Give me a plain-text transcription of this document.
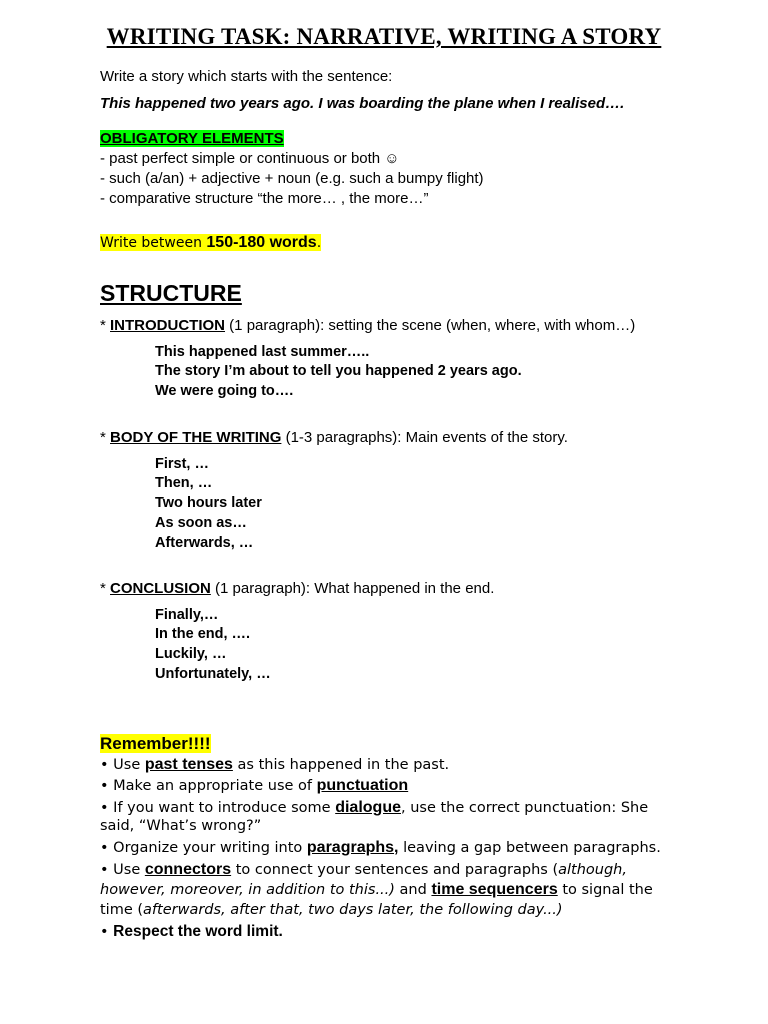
WRITING TASK: NARRATIVE, WRITING A STORY
Write a story which starts with the sentence:
This happened two years ago. I was boarding the plane when I realised….
OBLIGATORY ELEMENTS
- past perfect simple or continuous or both ☺
- such (a/an) + adjective + noun (e.g. such a bumpy flight)
- comparative structure “the more… , the more…”
Write between 150-180 words.
STRUCTURE
* INTRODUCTION (1 paragraph): setting the scene (when, where, with whom…)
This happened last summer…..
The story I’m about to tell you happened 2 years ago.
We were going to….
* BODY OF THE WRITING (1-3 paragraphs): Main events of the story.
First, …
Then, …
Two hours later
As soon as…
Afterwards, …
* CONCLUSION (1 paragraph): What happened in the end.
Finally,…
In the end, ….
Luckily, …
Unfortunately, …
Remember!!!!
• Use past tenses as this happened in the past.
• Make an appropriate use of punctuation
• If you want to introduce some dialogue, use the correct punctuation: She
said, “What’s wrong?”
• Organize your writing into paragraphs, leaving a gap between paragraphs.
• Use connectors to connect your sentences and paragraphs (although,
however, moreover, in addition to this...) and time sequencers to signal the
time (afterwards, after that, two days later, the following day...)
• Respect the word limit.
